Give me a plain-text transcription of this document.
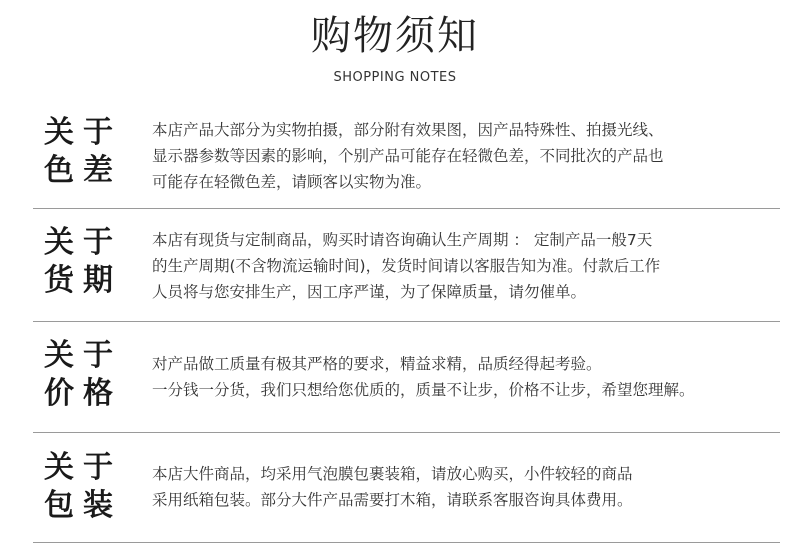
购物须知
SHOPPING NOTES
关于
色差
本店产品大部分为实物拍摄，部分附有效果图，因产品特殊性、拍摄光线、
显示器参数等因素的影响，个别产品可能存在轻微色差，不同批次的产品也
可能存在轻微色差，请顾客以实物为准。
关于
货期
本店有现货与定制商品，购买时请咨询确认生产周期 ： 定制产品一般7天
的生产周期(不含物流运输时间)，发货时间请以客服告知为准。付款后工作
人员将与您安排生产，因工序严谨，为了保障质量，请勿催单。
关于
价格
对产品做工质量有极其严格的要求，精益求精，品质经得起考验。
一分钱一分货，我们只想给您优质的，质量不让步，价格不让步，希望您理解。
关于
包装
本店大件商品，均采用气泡膜包裹装箱，请放心购买，小件较轻的商品
采用纸箱包装。部分大件产品需要打木箱，请联系客服咨询具体费用。
